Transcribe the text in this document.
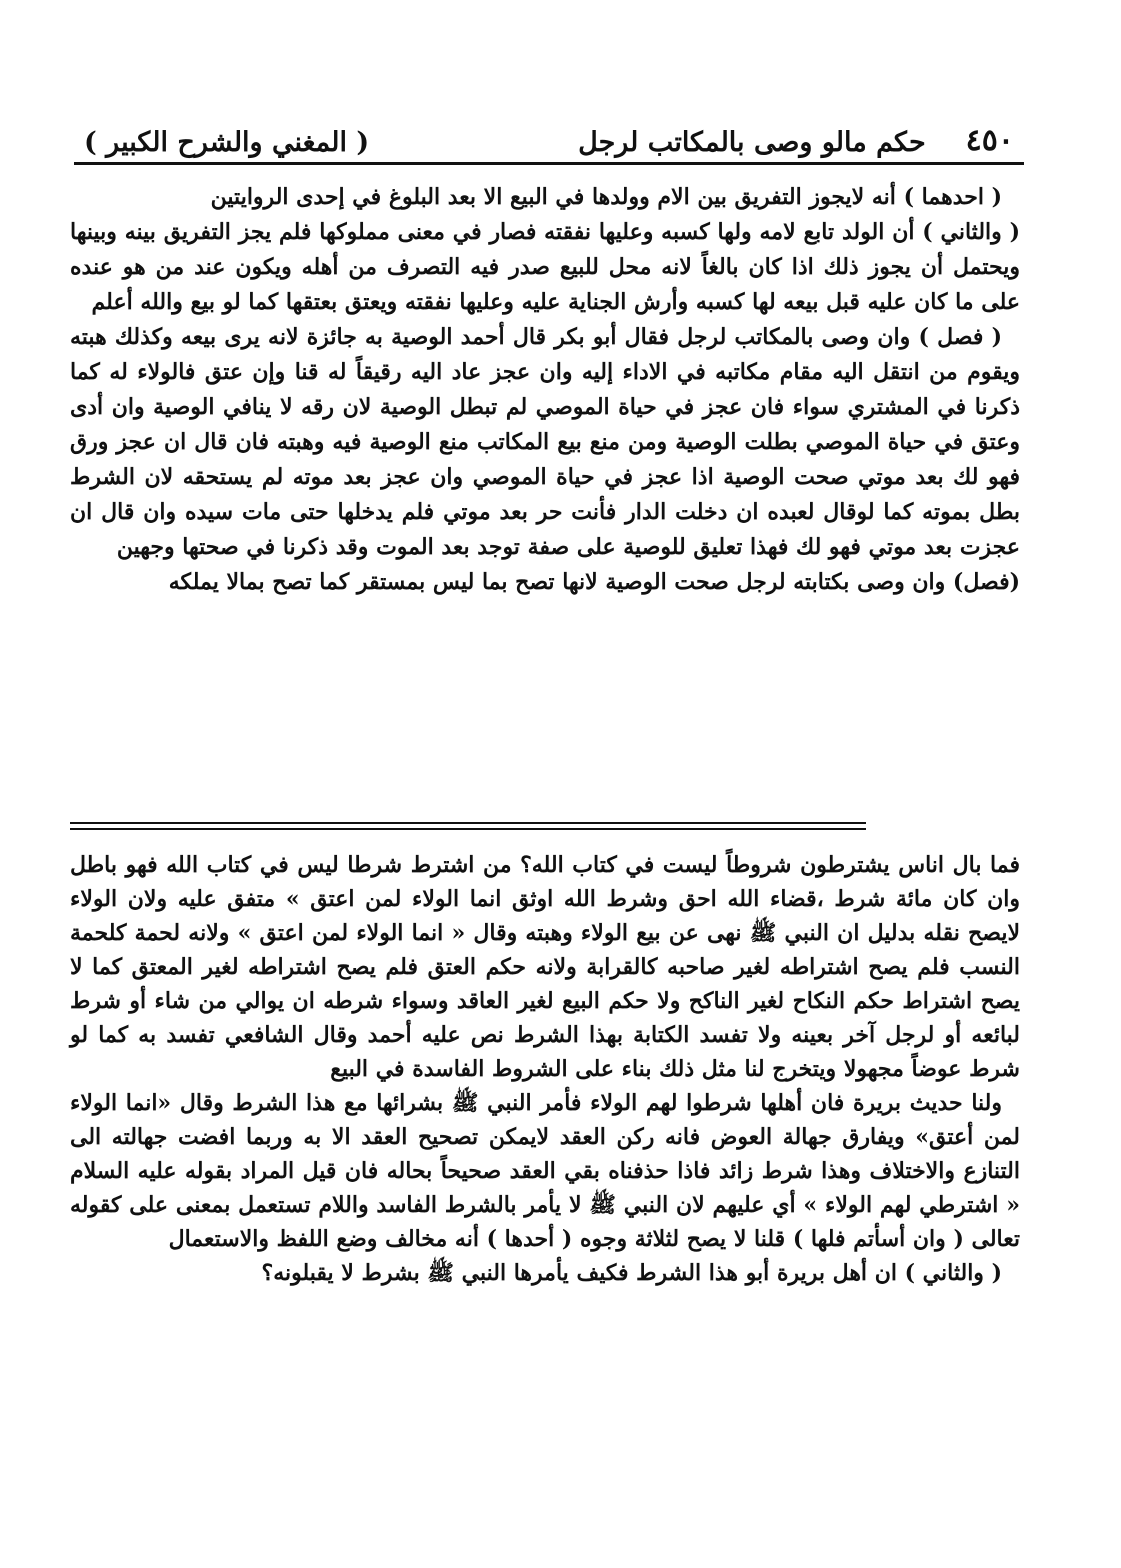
٤٥٠
حكم مالو وصى بالمكاتب لرجل
( المغني والشرح الكبير )

( احدهما ) أنه لايجوز التفريق بين الام وولدها في البيع الا بعد البلوغ في إحدى الروايتين

( والثاني ) أن الولد تابع لامه ولها كسبه وعليها نفقته فصار في معنى مملوكها فلم يجز التفريق بينه وبينها ويحتمل أن يجوز ذلك اذا كان بالغاً لانه محل للبيع صدر فيه التصرف من أهله ويكون عند من هو عنده على ما كان عليه قبل بيعه لها كسبه وأرش الجناية عليه وعليها نفقته ويعتق بعتقها كما لو بيع والله أعلم

( فصل ) وان وصى بالمكاتب لرجل فقال أبو بكر قال أحمد الوصية به جائزة لانه يرى بيعه وكذلك هبته ويقوم من انتقل اليه مقام مكاتبه في الاداء إليه وان عجز عاد اليه رقيقاً له قنا وإن عتق فالولاء له كما ذكرنا في المشتري سواء فان عجز في حياة الموصي لم تبطل الوصية لان رقه لا ينافي الوصية وان أدى وعتق في حياة الموصي بطلت الوصية ومن منع بيع المكاتب منع الوصية فيه وهبته فان قال ان عجز ورق فهو لك بعد موتي صحت الوصية اذا عجز في حياة الموصي وان عجز بعد موته لم يستحقه لان الشرط بطل بموته كما لوقال لعبده ان دخلت الدار فأنت حر بعد موتي فلم يدخلها حتى مات سيده وان قال ان عجزت بعد موتي فهو لك فهذا تعليق للوصية على صفة توجد بعد الموت وقد ذكرنا في صحتها وجهين

(فصل) وان وصى بكتابته لرجل صحت الوصية لانها تصح بما ليس بمستقر كما تصح بمالا يملكه

فما بال اناس يشترطون شروطاً ليست في كتاب الله؟ من اشترط شرطا ليس في كتاب الله فهو باطل وان كان مائة شرط ،قضاء الله احق وشرط الله اوثق انما الولاء لمن اعتق » متفق عليه ولان الولاء لايصح نقله بدليل ان النبي ﷺ نهى عن بيع الولاء وهبته وقال « انما الولاء لمن اعتق » ولانه لحمة كلحمة النسب فلم يصح اشتراطه لغير صاحبه كالقرابة ولانه حكم العتق فلم يصح اشتراطه لغير المعتق كما لا يصح اشتراط حكم النكاح لغير الناكح ولا حكم البيع لغير العاقد وسواء شرطه ان يوالي من شاء أو شرط لبائعه أو لرجل آخر بعينه ولا تفسد الكتابة بهذا الشرط نص عليه أحمد وقال الشافعي تفسد به كما لو شرط عوضاً مجهولا ويتخرج لنا مثل ذلك بناء على الشروط الفاسدة في البيع

ولنا حديث بريرة فان أهلها شرطوا لهم الولاء فأمر النبي ﷺ بشرائها مع هذا الشرط وقال «انما الولاء لمن أعتق» ويفارق جهالة العوض فانه ركن العقد لايمكن تصحيح العقد الا به وربما افضت جهالته الى التنازع والاختلاف وهذا شرط زائد فاذا حذفناه بقي العقد صحيحاً بحاله فان قيل المراد بقوله عليه السلام « اشترطي لهم الولاء » أي عليهم لان النبي ﷺ لا يأمر بالشرط الفاسد واللام تستعمل بمعنى على كقوله تعالى ( وان أسأتم فلها ) قلنا لا يصح لثلاثة وجوه ( أحدها ) أنه مخالف وضع اللفظ والاستعمال

( والثاني ) ان أهل بريرة أبو هذا الشرط فكيف يأمرها النبي ﷺ بشرط لا يقبلونه؟
